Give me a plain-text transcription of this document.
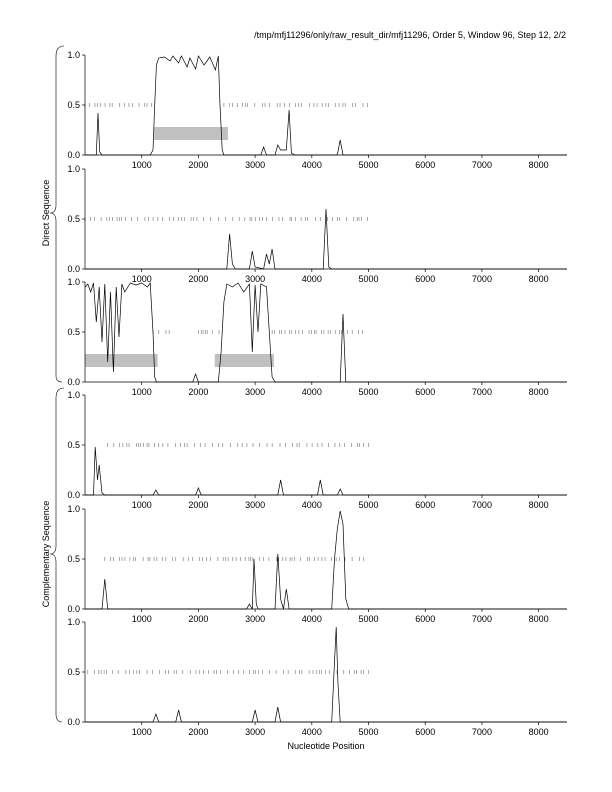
/tmp/mfj11296/only/raw_result_dir/mfj11296, Order 5, Window 96, Step 12, 2/2
Direct Sequence
Complementary Sequence
0.0
0.5
1.0
1000	2000	3000	4000	5000	6000	7000	8000
0.0
0.5
1.0
1000	2000	3000	4000	5000	6000	7000	8000
0.0
0.5
1.0
1000	2000	3000	4000	5000	6000	7000	8000
0.0
0.5
1.0
1000	2000	3000	4000	5000	6000	7000	8000
0.0
0.5
1.0
1000	2000	3000	4000	5000	6000	7000	8000
0.0
0.5
1.0
1000	2000	3000	4000	5000	6000	7000	8000
Nucleotide Position
